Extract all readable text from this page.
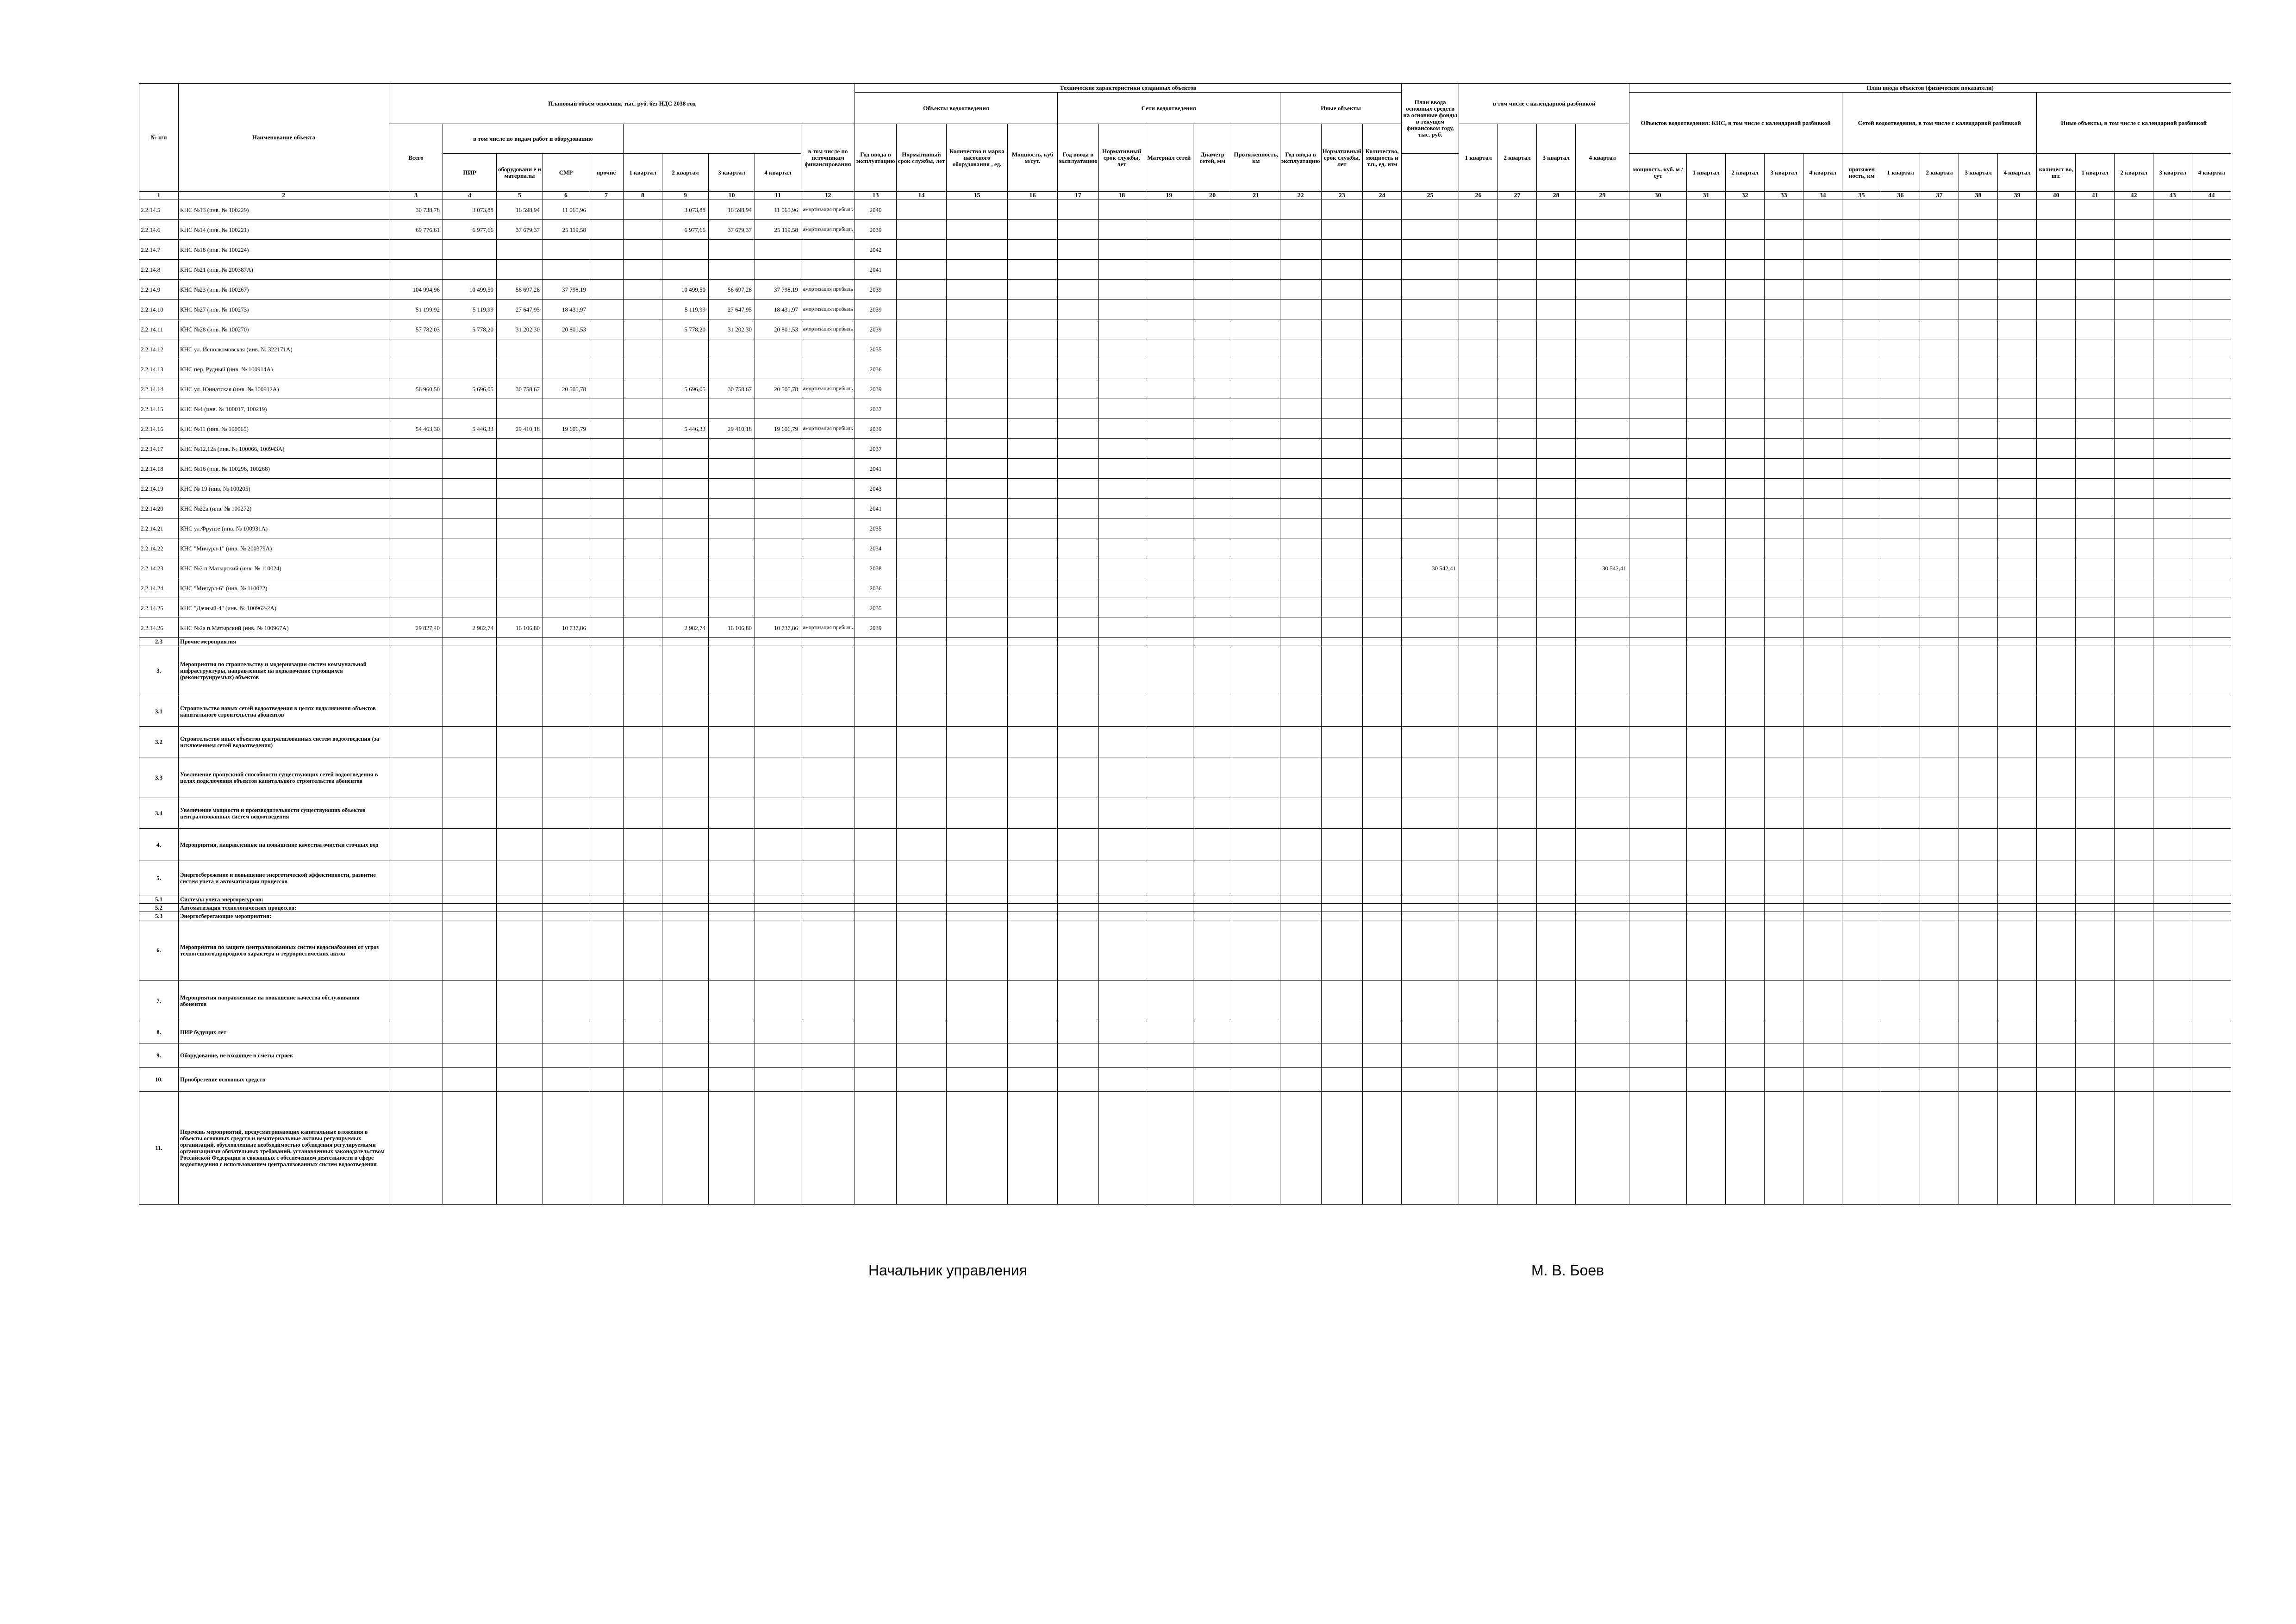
№ п/п	Наименование объекта	Плановый объем освоения, тыс. руб. без НДС 2038 год										Технические характеристики созданных объектов												План ввода основных средств на основные фонды в текущем финансовом году, тыс. руб.	в том числе с календарной разбивкой				План ввода объектов (физические показатели)														
												Объекты водоотведения				Сети водоотведения					Иные объекты								Объектов водоотведения: КНС, в том числе с календарной разбивкой					Сетей водоотведения, в том числе с календарной разбивкой					Иные объекты, в том числе с календарной разбивкой				
		Всего	в том числе по видам работ и оборудованию								в том числе по источникам финансирования	Год ввода в эксплуатацию	Нормативный срок службы, лет	Количество и марка насосного оборудования , ед.	Мощность, куб м/сут.	Год ввода в эксплуатацию	Нормативный срок службы, лет	Материал сетей	Диаметр сетей, мм	Протяженность, км	Год ввода в эксплуатацию	Нормативный срок службы, лет	Количество, мощность и т.п., ед. изм		1 квартал	2 квартал	3 квартал	4 квартал															
			ПИР	оборудовани е и материалы	СМР	прочие	1 квартал	2 квартал	3 квартал	4 квартал																			мощность, куб. м / сут	1 квартал	2 квартал	3 квартал	4 квартал	протяжен ность, км	1 квартал	2 квартал	3 квартал	4 квартал	количест во, шт.	1 квартал	2 квартал	3 квартал	4 квартал
1	2	3	4	5	6	7	8	9	10	11	12	13	14	15	16	17	18	19	20	21	22	23	24	25	26	27	28	29	30	31	32	33	34	35	36	37	38	39	40	41	42	43	44
2.2.14.5	КНС №13 (инв. № 100229)	30 738,78	3 073,88	16 598,94	11 065,96			3 073,88	16 598,94	11 065,96	амортизация прибыль	2040																															
2.2.14.6	КНС №14 (инв. № 100221)	69 776,61	6 977,66	37 679,37	25 119,58			6 977,66	37 679,37	25 119,58	амортизация прибыль	2039																															
2.2.14.7	КНС №18 (инв. № 100224)											2042																															
2.2.14.8	КНС №21 (инв. № 200387А)											2041																															
2.2.14.9	КНС №23 (инв. № 100267)	104 994,96	10 499,50	56 697,28	37 798,19			10 499,50	56 697,28	37 798,19	амортизация прибыль	2039																															
2.2.14.10	КНС №27 (инв. № 100273)	51 199,92	5 119,99	27 647,95	18 431,97			5 119,99	27 647,95	18 431,97	амортизация прибыль	2039																															
2.2.14.11	КНС №28 (инв. № 100270)	57 782,03	5 778,20	31 202,30	20 801,53			5 778,20	31 202,30	20 801,53	амортизация прибыль	2039																															
2.2.14.12	КНС ул. Исполкомовская (инв. № 322171А)											2035																															
2.2.14.13	КНС пер. Рудный (инв. № 100914А)											2036																															
2.2.14.14	КНС ул. Юннатская (инв. № 100912А)	56 960,50	5 696,05	30 758,67	20 505,78			5 696,05	30 758,67	20 505,78	амортизация прибыль	2039																															
2.2.14.15	КНС №4 (инв. № 100017, 100219)											2037																															
2.2.14.16	КНС №11 (инв. № 100065)	54 463,30	5 446,33	29 410,18	19 606,79			5 446,33	29 410,18	19 606,79	амортизация прибыль	2039																															
2.2.14.17	КНС №12,12а (инв. № 100066, 100943А)											2037																															
2.2.14.18	КНС №16 (инв. № 100296, 100268)											2041																															
2.2.14.19	КНС № 19 (инв. № 100205)											2043																															
2.2.14.20	КНС №22а (инв. № 100272)											2041																															
2.2.14.21	КНС ул.Фрунзе (инв. № 100931А)											2035																															
2.2.14.22	КНС "Мичурл-1" (инв. № 200379А)											2034																															
2.2.14.23	КНС №2 п.Матырский (инв. № 110024)											2038												30 542,41				30 542,41															
2.2.14.24	КНС "Мичурл-6" (инв. № 110022)											2036																															
2.2.14.25	КНС "Дачный-4" (инв. № 100962-2А)											2035																															
2.2.14.26	КНС №2а п.Матырский (инв. № 100967А)	29 827,40	2 982,74	16 106,80	10 737,86			2 982,74	16 106,80	10 737,86	амортизация прибыль	2039																															
2.3	Прочие мероприятия																																										
3.	Мероприятия по строительству и модернизации систем коммунальной инфраструктуры, направленные на подключение строящихся (реконструируемых) объектов																																										
3.1	Строительство новых сетей водоотведения в целях подключения объектов капитального строительства абонентов																																										
3.2	Строительство иных объектов централизованных систем водоотведения (за исключением сетей водоотведения)																																										
3.3	Увеличение пропускной способности существующих сетей водоотведения в целях подключения объектов капитального строительства абонентов																																										
3.4	Увеличение мощности и производительности существующих объектов централизованных систем водоотведения																																										
4.	Мероприятия, направленные на повышение качества очистки сточных вод																																										
5.	Энергосбережение и повышение энергетической эффективности, развитие систем учета и автоматизации процессов																																										
5.1	Системы учета энергоресурсов:																																										
5.2	Автоматизация технологических процессов:																																										
5.3	Энергосберегающие мероприятия:																																										
6.	Мероприятия по защите централизованных систем водоснабжения от угроз техногенного,природного характера и террористических актов																																										
7.	Мероприятия направленные на повышение качества обслуживания абонентов																																										
8.	ПИР будущих лет																																										
9.	Оборудование, не входящее в сметы строек																																										
10.	Приобретение основных средств																																										
11.	Перечень мероприятий, предусматривающих капитальные вложения в объекты основных средств и нематериальные активы регулируемых организаций, обусловленные необходимостью соблюдения регулируемыми организациями обязательных требований, установленных законодательством Российской Федерации и связанных с обеспечением деятельности в сфере водоотведения с использованием централизованных систем водоотведения																																										
Начальник управления	М. В. Боев
